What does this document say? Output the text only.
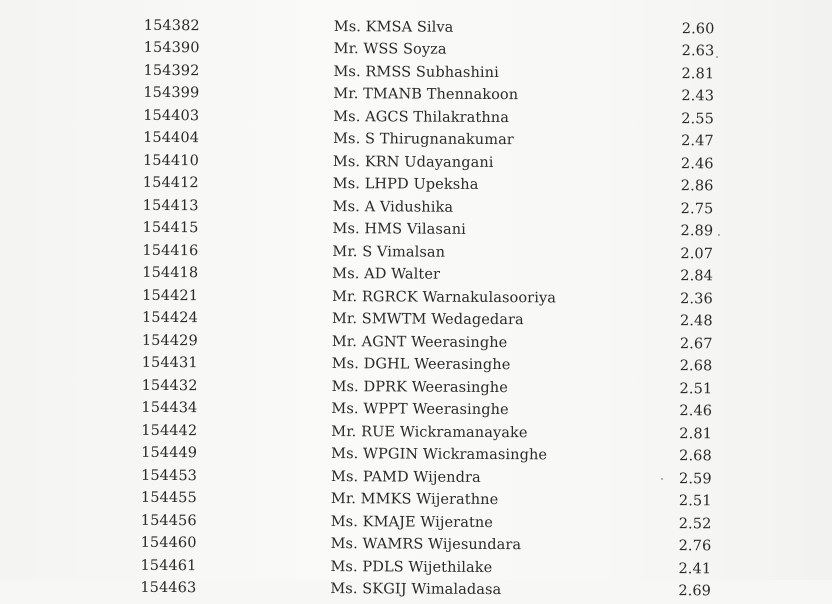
154382	Ms. KMSA Silva	2.60
154390	Mr. WSS Soyza	2.63
154392	Ms. RMSS Subhashini	2.81
154399	Mr. TMANB Thennakoon	2.43
154403	Ms. AGCS Thilakrathna	2.55
154404	Ms. S Thirugnanakumar	2.47
154410	Ms. KRN Udayangani	2.46
154412	Ms. LHPD Upeksha	2.86
154413	Ms. A Vidushika	2.75
154415	Ms. HMS Vilasani	2.89
154416	Mr. S Vimalsan	2.07
154418	Ms. AD Walter	2.84
154421	Mr. RGRCK Warnakulasooriya	2.36
154424	Mr. SMWTM Wedagedara	2.48
154429	Mr. AGNT Weerasinghe	2.67
154431	Ms. DGHL Weerasinghe	2.68
154432	Ms. DPRK Weerasinghe	2.51
154434	Ms. WPPT Weerasinghe	2.46
154442	Mr. RUE Wickramanayake	2.81
154449	Ms. WPGIN Wickramasinghe	2.68
154453	Ms. PAMD Wijendra	2.59
154455	Mr. MMKS Wijerathne	2.51
154456	Ms. KMAJE Wijeratne	2.52
154460	Ms. WAMRS Wijesundara	2.76
154461	Ms. PDLS Wijethilake	2.41
154463	Ms. SKGIJ Wimaladasa	2.69
